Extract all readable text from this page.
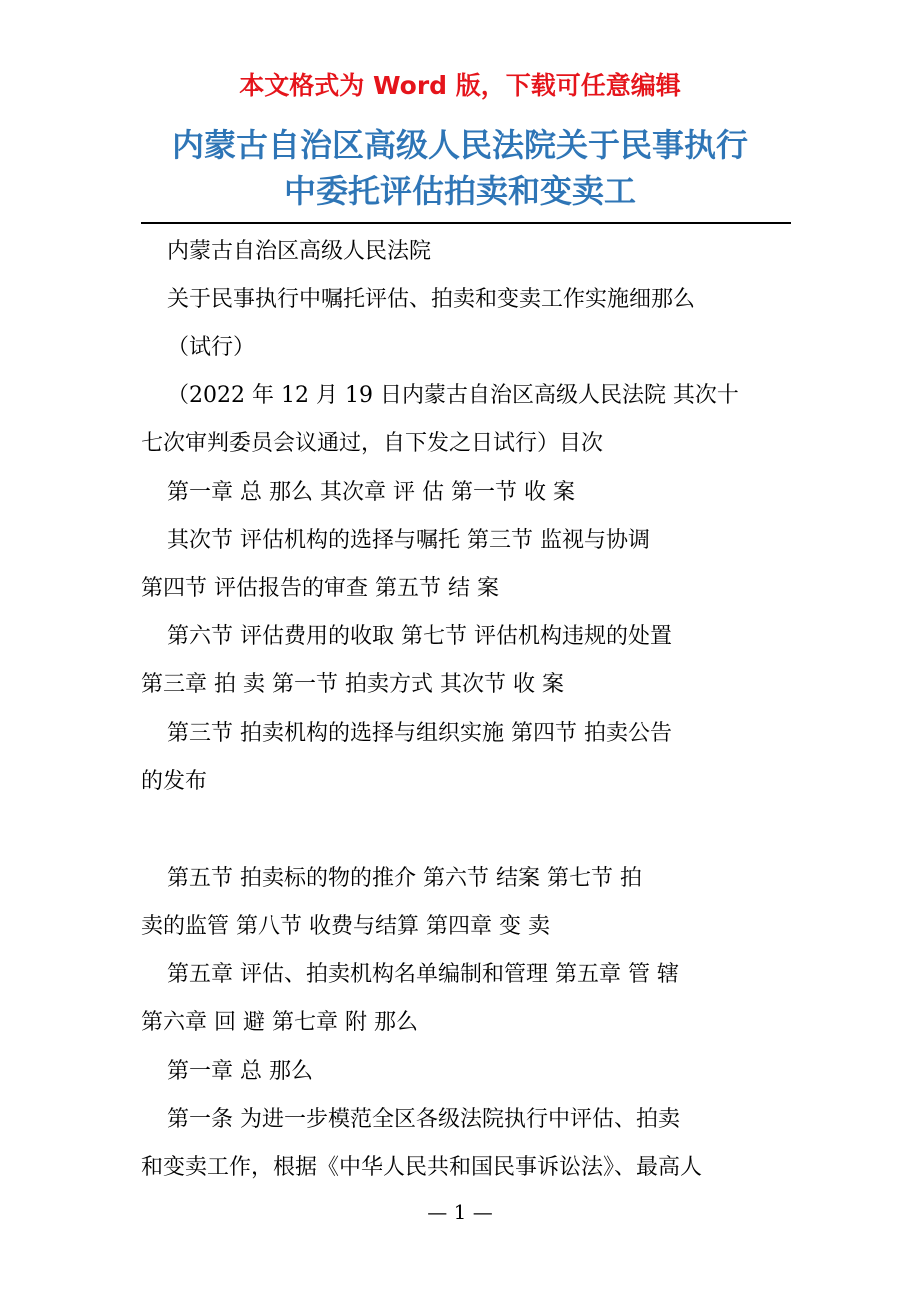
本文格式为 Word 版，下载可任意编辑
内蒙古自治区高级人民法院关于民事执行
中委托评估拍卖和变卖工
内蒙古自治区高级人民法院
关于民事执行中嘱托评估、拍卖和变卖工作实施细那么
（试行）
（2022 年 12 月 19 日内蒙古自治区高级人民法院 其次十
七次审判委员会议通过，自下发之日试行）目次
第一章 总 那么 其次章 评 估 第一节 收 案
其次节 评估机构的选择与嘱托 第三节 监视与协调
第四节 评估报告的审查 第五节 结 案
第六节 评估费用的收取 第七节 评估机构违规的处置
第三章 拍 卖 第一节 拍卖方式 其次节 收 案
第三节 拍卖机构的选择与组织实施 第四节 拍卖公告
的发布
第五节 拍卖标的物的推介 第六节 结案 第七节 拍
卖的监管 第八节 收费与结算 第四章 变 卖
第五章 评估、拍卖机构名单编制和管理 第五章 管 辖
第六章 回 避 第七章 附 那么
第一章 总 那么
第一条 为进一步模范全区各级法院执行中评估、拍卖
和变卖工作，根据《中华人民共和国民事诉讼法》、最高人
— 1 —
